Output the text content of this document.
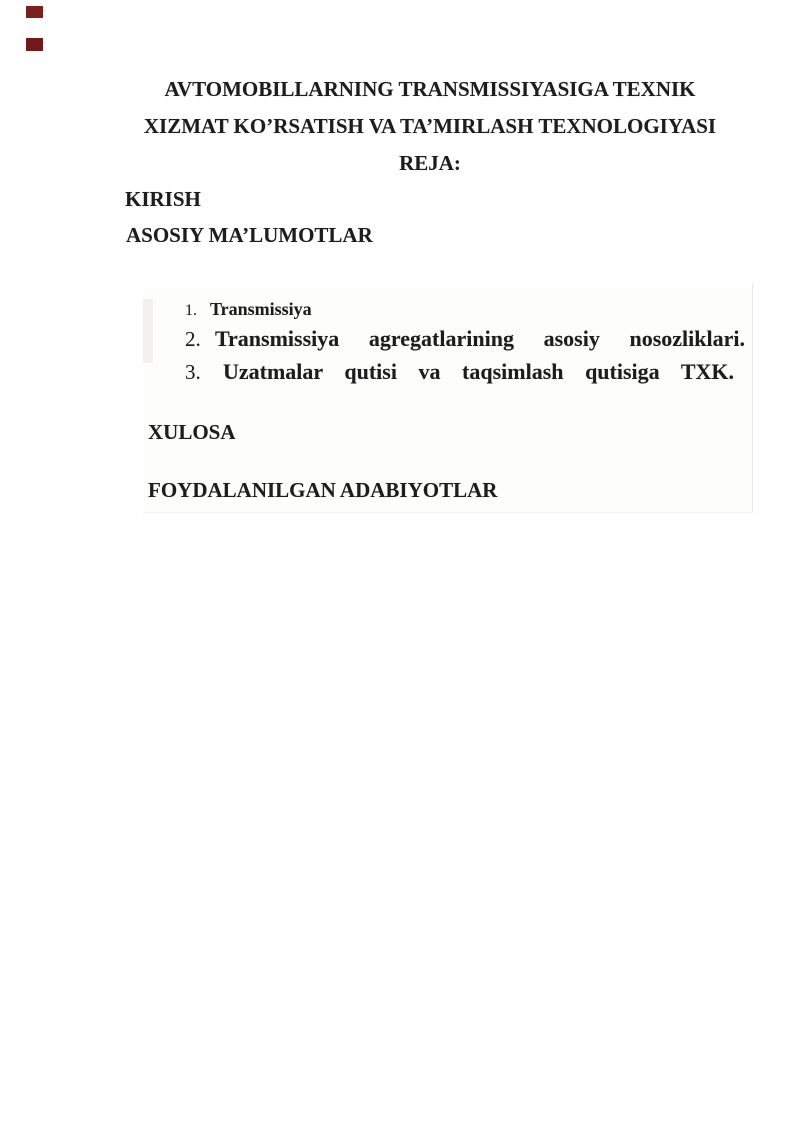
AVTOMOBILLARNING TRANSMISSIYASIGA TEXNIK
XIZMAT KO’RSATISH VA TA’MIRLASH TEXNOLOGIYASI
REJA:
KIRISH
ASOSIY MA’LUMOTLAR
1. Transmissiya
2. Transmissiya agregatlarining asosiy nosozliklari.
3. Uzatmalar qutisi va taqsimlash qutisiga TXK.
XULOSA
FOYDALANILGAN ADABIYOTLAR
